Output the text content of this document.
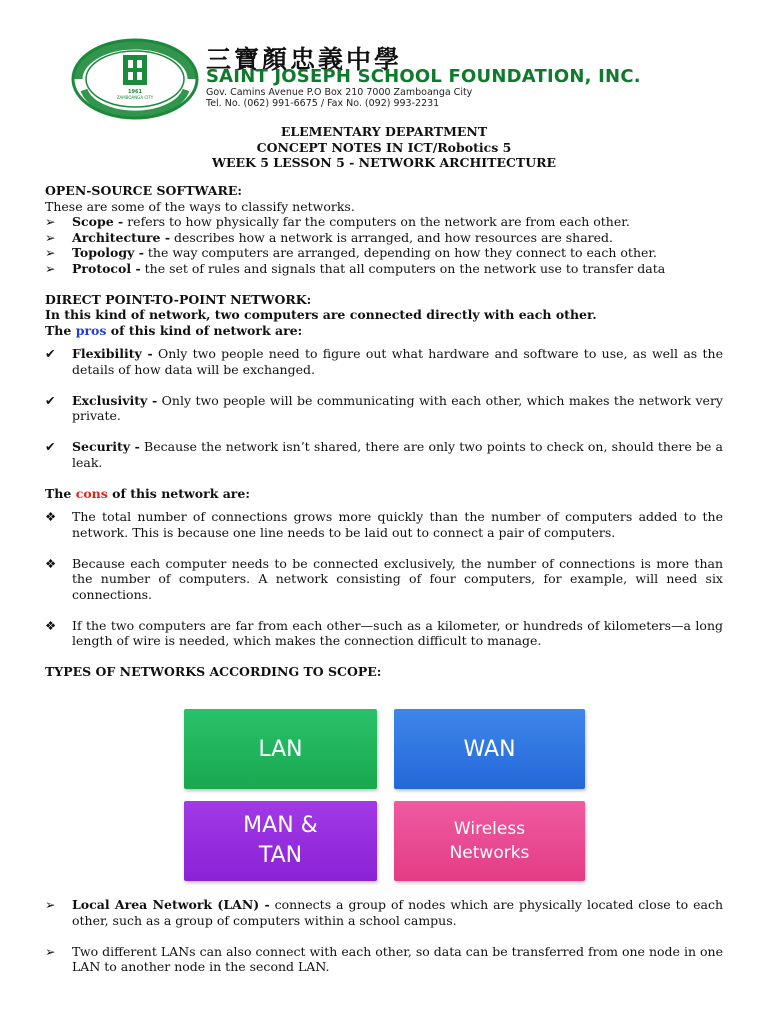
1961
ZAMBOANGA CITY
三寶顏忠義中學
SAINT JOSEPH SCHOOL FOUNDATION, INC.
Gov. Camins Avenue P.O Box 210 7000 Zamboanga City
Tel. No. (062) 991-6675 / Fax No. (092) 993-2231
ELEMENTARY DEPARTMENT
CONCEPT NOTES IN ICT/Robotics 5
WEEK 5 LESSON 5 - NETWORK ARCHITECTURE
OPEN-SOURCE SOFTWARE:
These are some of the ways to classify networks.
➢	Scope - refers to how physically far the computers on the network are from each other.
➢	Architecture - describes how a network is arranged, and how resources are shared.
➢	Topology - the way computers are arranged, depending on how they connect to each other.
➢	Protocol - the set of rules and signals that all computers on the network use to transfer data
DIRECT POINT-TO-POINT NETWORK:
In this kind of network, two computers are connected directly with each other.
The pros of this kind of network are:
✔	Flexibility - Only two people need to figure out what hardware and software to use, as well as the details of how data will be exchanged.
✔	Exclusivity - Only two people will be communicating with each other, which makes the network very private.
✔	Security - Because the network isn’t shared, there are only two points to check on, should there be a leak.
The cons of this network are:
❖	The total number of connections grows more quickly than the number of computers added to the network. This is because one line needs to be laid out to connect a pair of computers.
❖	Because each computer needs to be connected exclusively, the number of connections is more than the number of computers. A network consisting of four computers, for example, will need six connections.
❖	If the two computers are far from each other—such as a kilometer, or hundreds of kilometers—a long length of wire is needed, which makes the connection difficult to manage.
TYPES OF NETWORKS ACCORDING TO SCOPE:
LAN	WAN
MAN &
TAN
Wireless
Networks
➢	Local Area Network (LAN) - connects a group of nodes which are physically located close to each other, such as a group of computers within a school campus.
➢	Two different LANs can also connect with each other, so data can be transferred from one node in one LAN to another node in the second LAN.
